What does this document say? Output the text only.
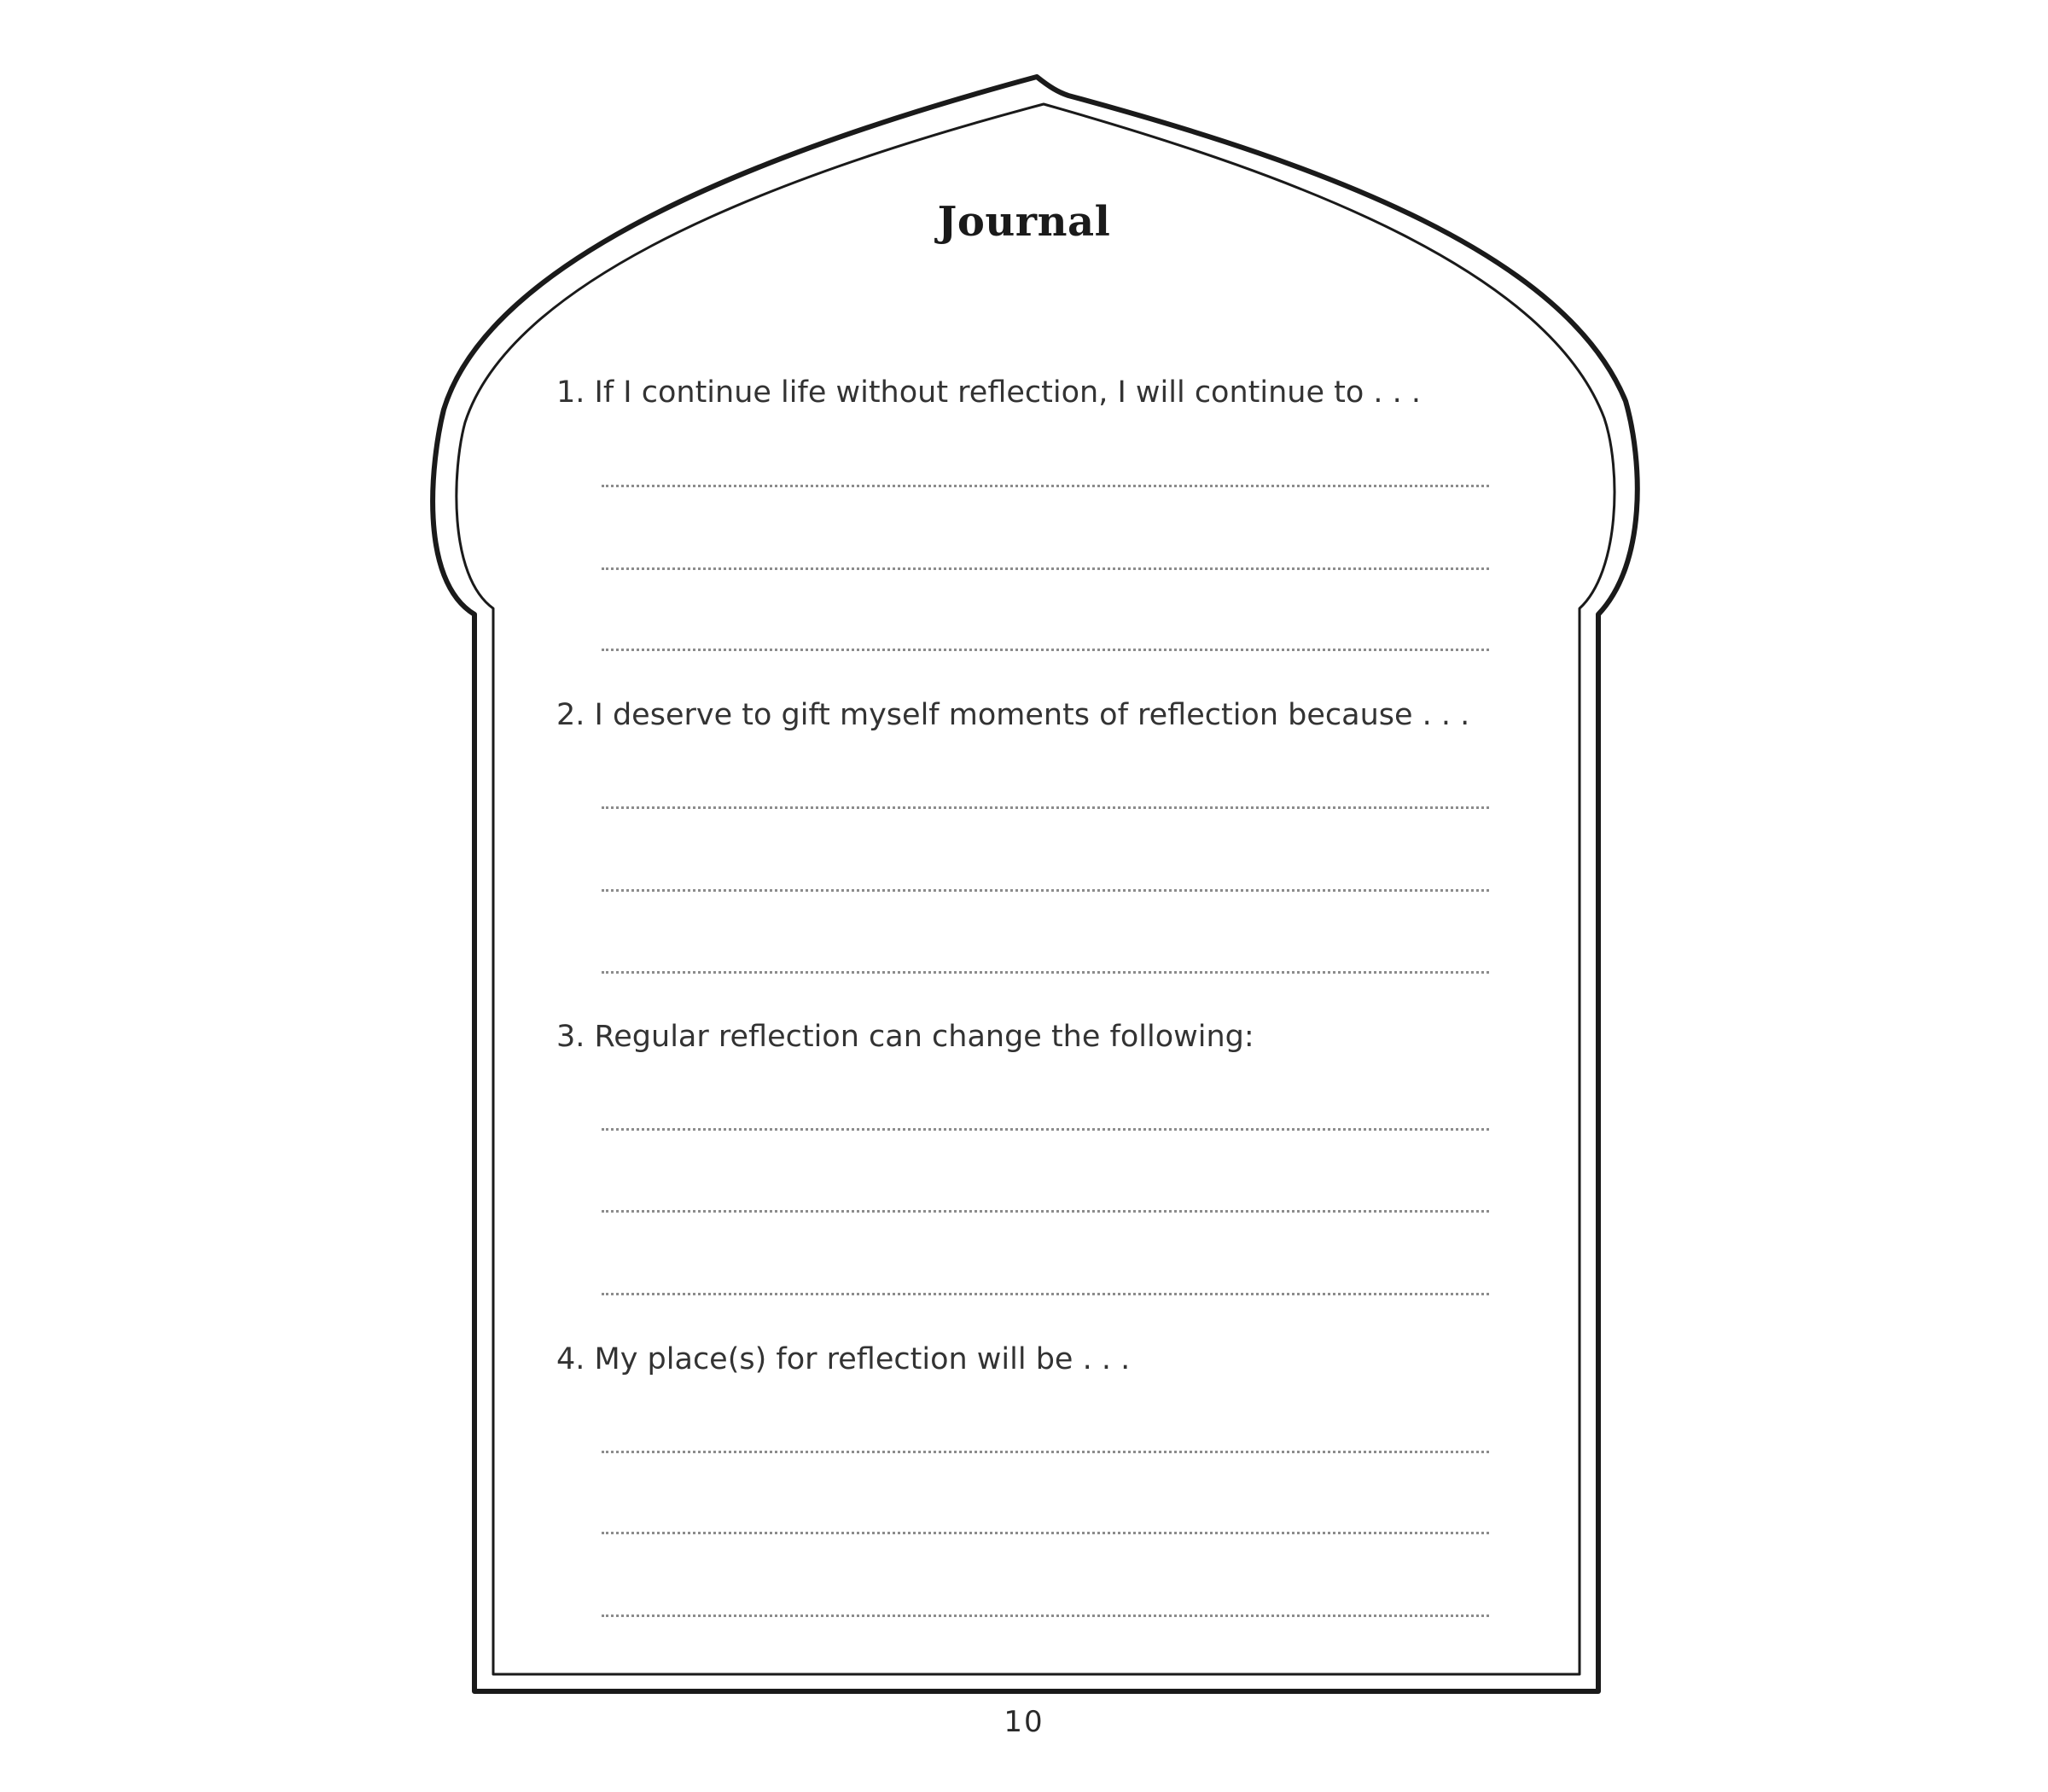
Journal
1. If I continue life without reflection, I will continue to . . .
2. I deserve to gift myself moments of reflection because . . .
3. Regular reflection can change the following:
4. My place(s) for reflection will be . . .
10
